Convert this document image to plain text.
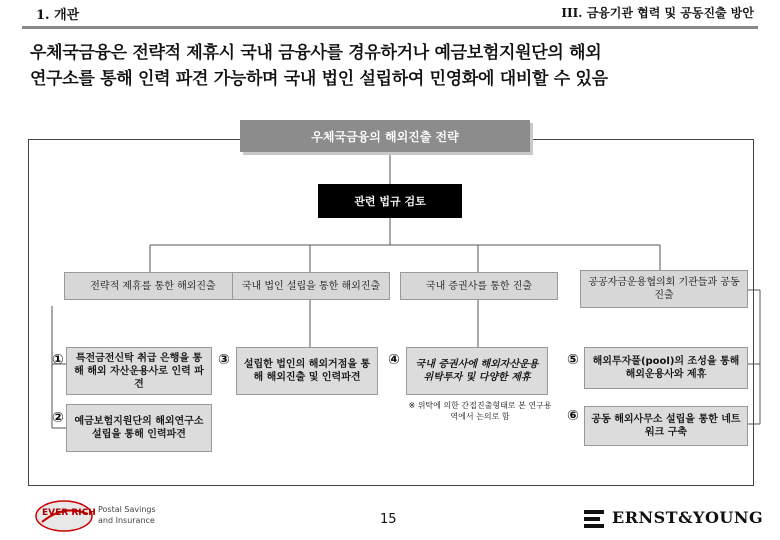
1. 개관	III. 금융기관 협력 및 공동진출 방안
우체국금융은 전략적 제휴시 국내 금융사를 경유하거나 예금보험지원단의 해외
연구소를 통해 인력 파견 가능하며 국내 법인 설립하여 민영화에 대비할 수 있음
우체국금융의 해외진출 전략
관련 법규 검토
전략적 제휴를 통한 해외진출	국내 법인 설립을 통한 해외진출	국내 증권사를 통한 진출	공공자금운용협의회 기관들과 공동 진출
①	특전금전신탁 취급 은행을 통해 해외 자산운용사로 인력 파견
②	예금보험지원단의 해외연구소 설립을 통해 인력파견
③	설립한 법인의 해외거점을 통해 해외진출 및 인력파견
④	국내 증권사에 해외자산운용 위탁투자 및 다양한 제휴
※ 위탁에 의한 간접진출형태로 본 연구용역에서 논의로 함
⑤	해외투자풀(pool)의 조성을 통해 해외운용사와 제휴
⑥	공동 해외사무소 설립을 통한 네트워크 구축
EVER RICH Postal Savings
and Insurance	15	ERNST&YOUNG
